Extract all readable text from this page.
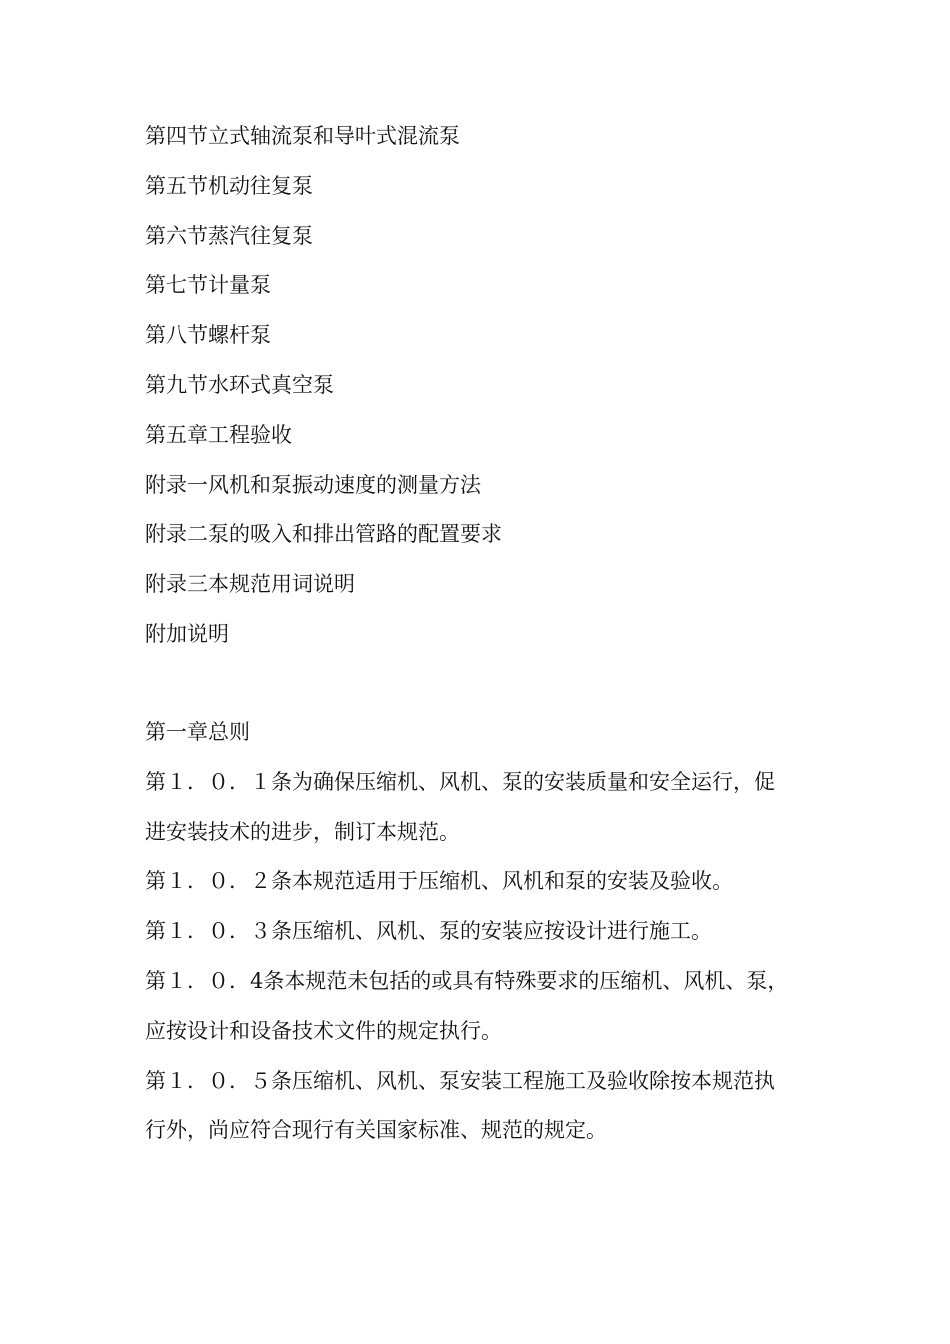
第四节立式轴流泵和导叶式混流泵
第五节机动往复泵
第六节蒸汽往复泵
第七节计量泵
第八节螺杆泵
第九节水环式真空泵
第五章工程验收
附录一风机和泵振动速度的测量方法
附录二泵的吸入和排出管路的配置要求
附录三本规范用词说明
附加说明
第一章总则
第１．０．１条为确保压缩机、风机、泵的安装质量和安全运行，促
进安装技术的进步，制订本规范。
第１．０．２条本规范适用于压缩机、风机和泵的安装及验收。
第１．０．３条压缩机、风机、泵的安装应按设计进行施工。
第１．０．4条本规范未包括的或具有特殊要求的压缩机、风机、泵，
应按设计和设备技术文件的规定执行。
第１．０．５条压缩机、风机、泵安装工程施工及验收除按本规范执
行外，尚应符合现行有关国家标准、规范的规定。
